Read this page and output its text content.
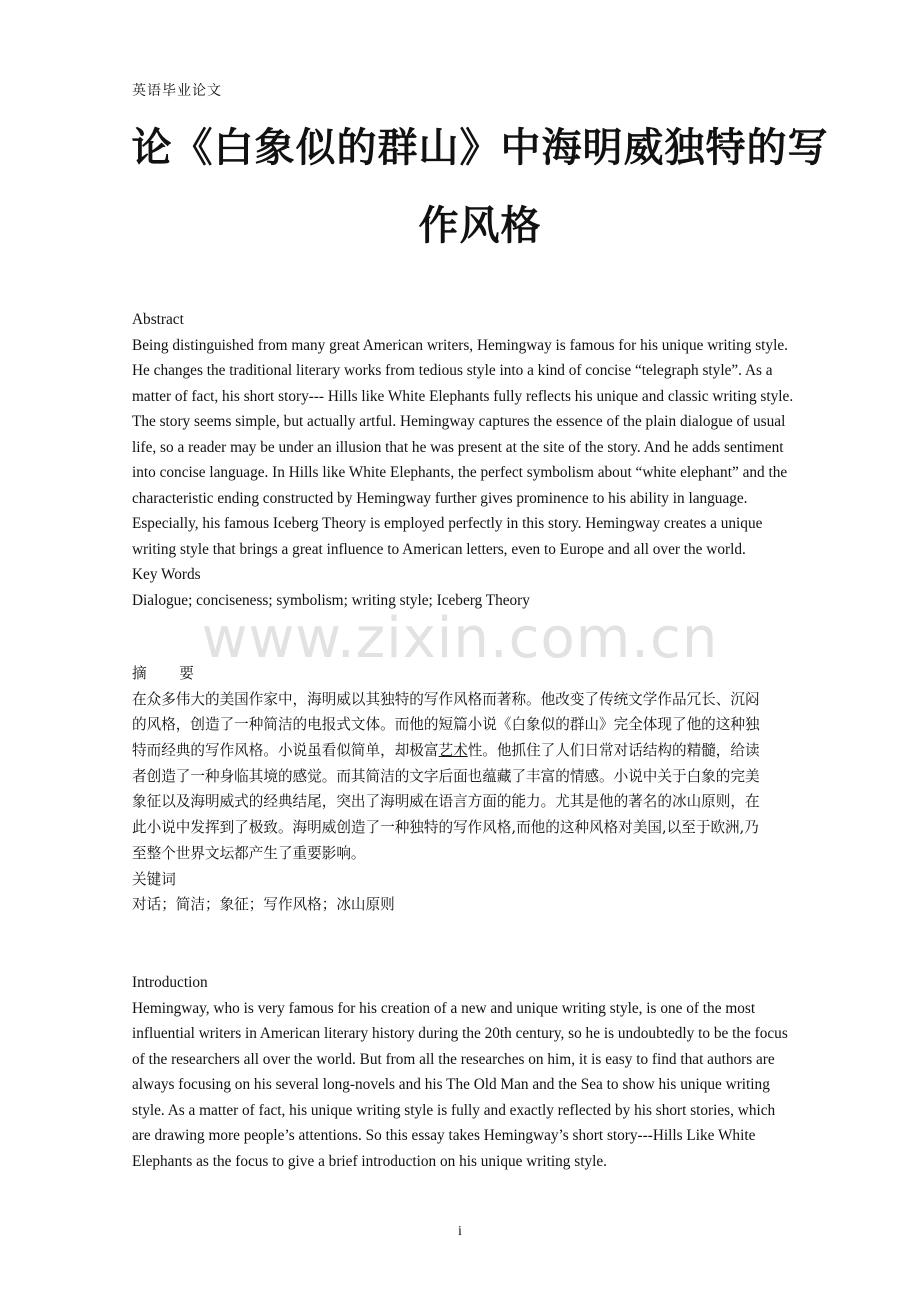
英语毕业论文
论《白象似的群山》中海明威独特的写
作风格
Abstract
Being distinguished from many great American writers, Hemingway is famous for his unique writing style.
He changes the traditional literary works from tedious style into a kind of concise “telegraph style”. As a
matter of fact, his short story--- Hills like White Elephants fully reflects his unique and classic writing style.
The story seems simple, but actually artful. Hemingway captures the essence of the plain dialogue of usual
life, so a reader may be under an illusion that he was present at the site of the story. And he adds sentiment
into concise language. In Hills like White Elephants, the perfect symbolism about “white elephant” and the
characteristic ending constructed by Hemingway further gives prominence to his ability in language.
Especially, his famous Iceberg Theory is employed perfectly in this story. Hemingway creates a unique
writing style that brings a great influence to American letters, even to Europe and all over the world.
Key Words
Dialogue; conciseness; symbolism; writing style; Iceberg Theory
www.zixin.com.cn
摘 要
在众多伟大的美国作家中，海明威以其独特的写作风格而著称。他改变了传统文学作品冗长、沉闷
的风格，创造了一种简洁的电报式文体。而他的短篇小说《白象似的群山》完全体现了他的这种独
特而经典的写作风格。小说虽看似简单，却极富艺术性。他抓住了人们日常对话结构的精髓，给读
者创造了一种身临其境的感觉。而其简洁的文字后面也蕴藏了丰富的情感。小说中关于白象的完美
象征以及海明威式的经典结尾，突出了海明威在语言方面的能力。尤其是他的著名的冰山原则，在
此小说中发挥到了极致。海明威创造了一种独特的写作风格,而他的这种风格对美国,以至于欧洲,乃
至整个世界文坛都产生了重要影响。
关键词
对话；简洁；象征；写作风格；冰山原则
Introduction
Hemingway, who is very famous for his creation of a new and unique writing style, is one of the most
influential writers in American literary history during the 20th century, so he is undoubtedly to be the focus
of the researchers all over the world. But from all the researches on him, it is easy to find that authors are
always focusing on his several long-novels and his The Old Man and the Sea to show his unique writing
style. As a matter of fact, his unique writing style is fully and exactly reflected by his short stories, which
are drawing more people’s attentions. So this essay takes Hemingway’s short story---Hills Like White
Elephants as the focus to give a brief introduction on his unique writing style.
i
